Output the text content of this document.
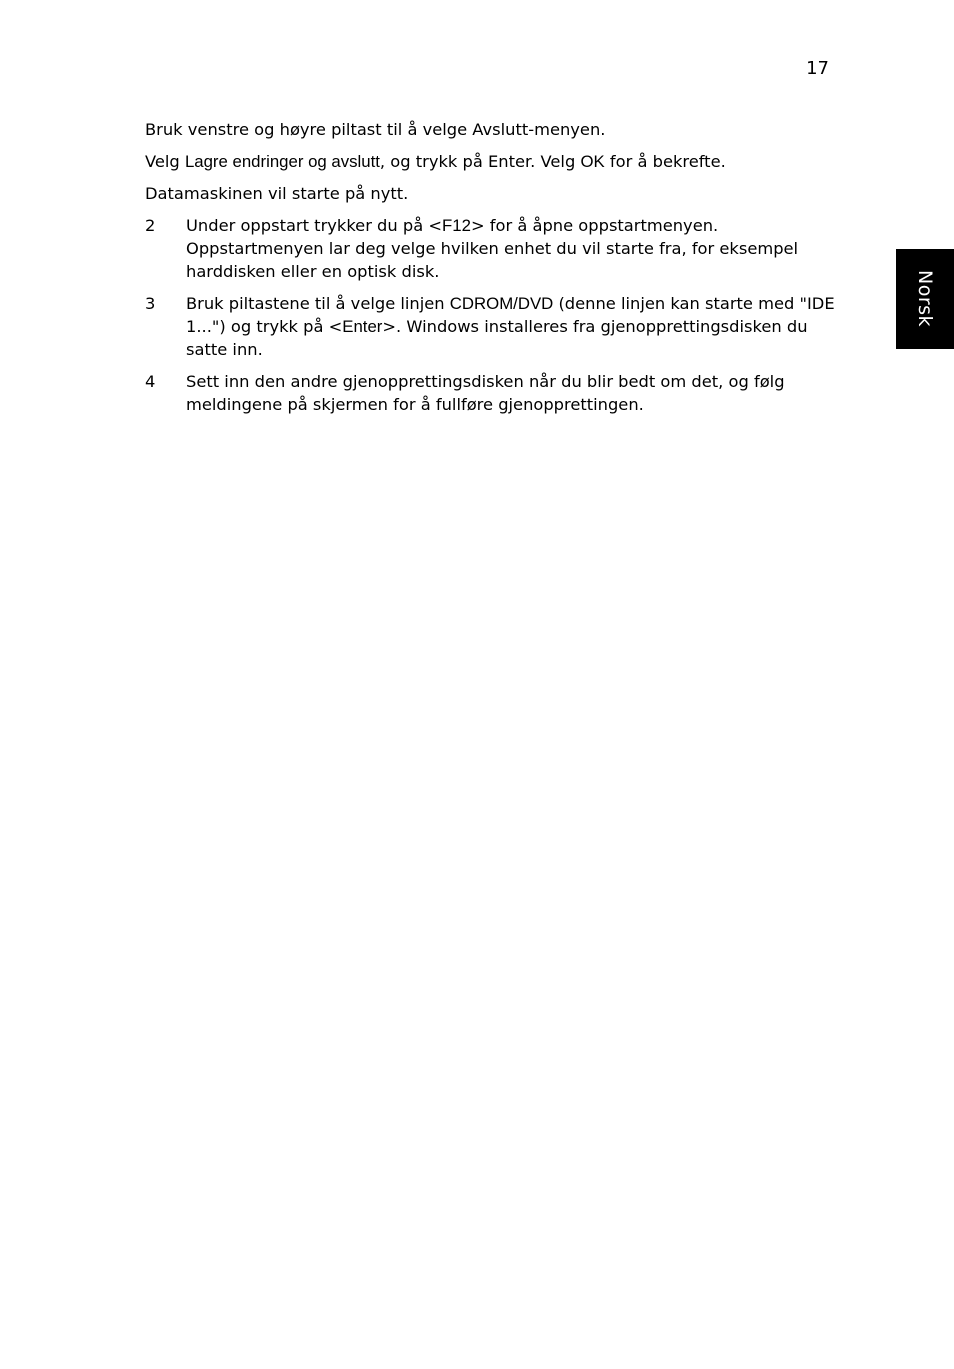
17
Norsk

Bruk venstre og høyre piltast til å velge Avslutt-menyen.

Velg Lagre endringer og avslutt, og trykk på Enter. Velg OK for å bekrefte.

Datamaskinen vil starte på nytt.

2 Under oppstart trykker du på <F12> for å åpne oppstartmenyen. Oppstartmenyen lar deg velge hvilken enhet du vil starte fra, for eksempel harddisken eller en optisk disk.
3 Bruk piltastene til å velge linjen CDROM/DVD (denne linjen kan starte med "IDE 1...") og trykk på <Enter>. Windows installeres fra gjenopprettingsdisken du satte inn.
4 Sett inn den andre gjenopprettingsdisken når du blir bedt om det, og følg meldingene på skjermen for å fullføre gjenopprettingen.
